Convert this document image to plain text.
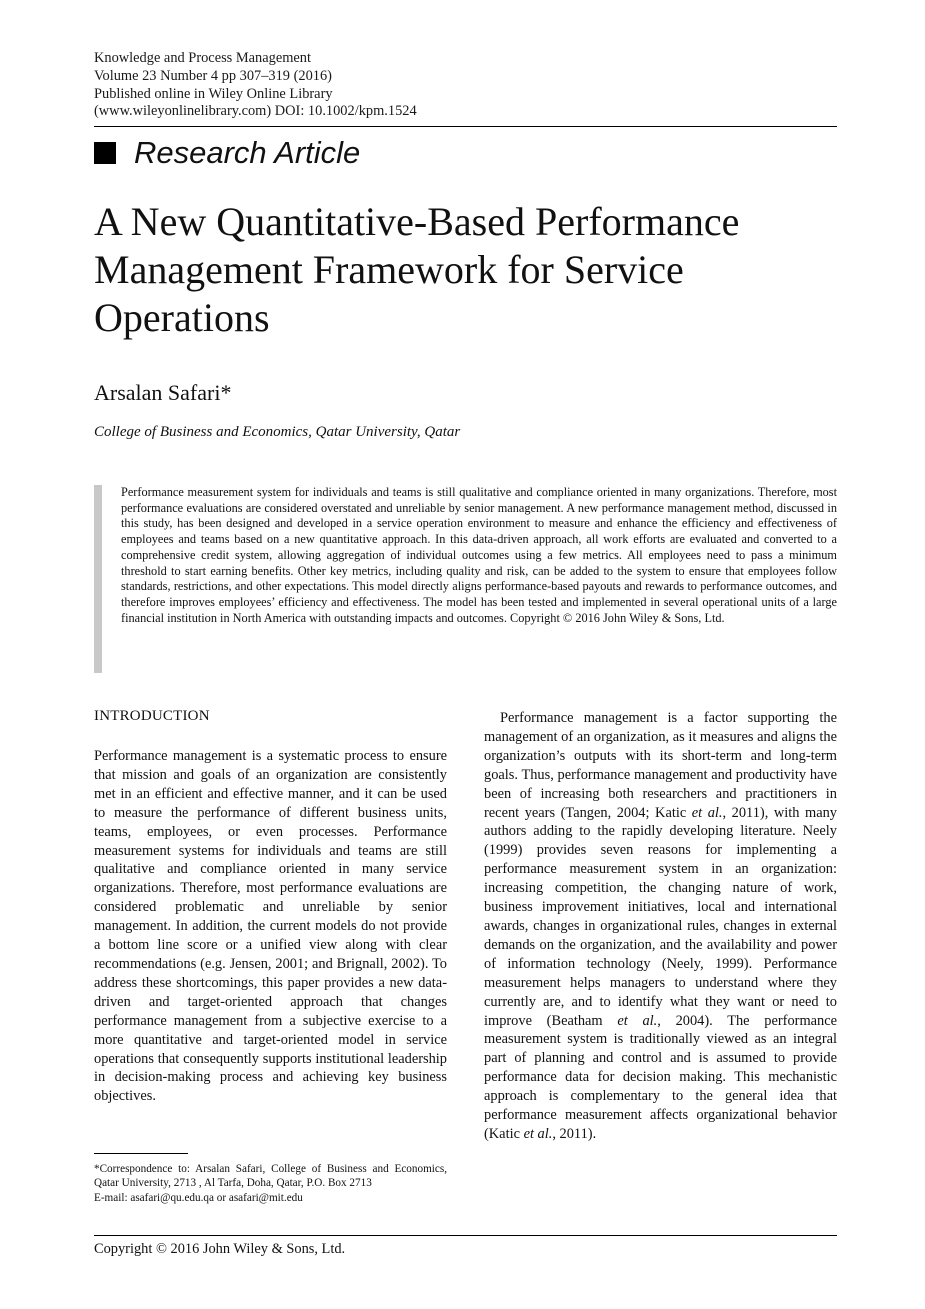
Knowledge and Process Management
Volume 23 Number 4 pp 307–319 (2016)
Published online in Wiley Online Library
(www.wileyonlinelibrary.com) DOI: 10.1002/kpm.1524
Research Article
A New Quantitative-Based Performance Management Framework for Service Operations
Arsalan Safari*
College of Business and Economics, Qatar University, Qatar

Performance measurement system for individuals and teams is still qualitative and compliance oriented in many organizations. Therefore, most performance evaluations are considered overstated and unreliable by senior management. A new performance management method, discussed in this study, has been designed and developed in a service operation environment to measure and enhance the efficiency and effectiveness of employees and teams based on a new quantitative approach. In this data-driven approach, all work efforts are evaluated and converted to a comprehensive credit system, allowing aggregation of individual outcomes using a few metrics. All employees need to pass a minimum threshold to start earning benefits. Other key metrics, including quality and risk, can be added to the system to ensure that employees follow standards, restrictions, and other expectations. This model directly aligns performance-based payouts and rewards to performance outcomes, and therefore improves employees’ efficiency and effectiveness. The model has been tested and implemented in several operational units of a large financial institution in North America with outstanding impacts and outcomes. Copyright © 2016 John Wiley & Sons, Ltd.

INTRODUCTION

Performance management is a systematic process to ensure that mission and goals of an organization are consistently met in an efficient and effective manner, and it can be used to measure the performance of different business units, teams, employees, or even processes. Performance measurement systems for individuals and teams are still qualitative and compliance oriented in many service organizations. Therefore, most performance evaluations are considered problematic and unreliable by senior management. In addition, the current models do not provide a bottom line score or a unified view along with clear recommendations (e.g. Jensen, 2001; and Brignall, 2002). To address these shortcomings, this paper provides a new data-driven and target-oriented approach that changes performance management from a subjective exercise to a more quantitative and target-oriented model in service operations that consequently supports institutional leadership in decision-making process and achieving key business objectives.

Performance management is a factor supporting the management of an organization, as it measures and aligns the organization’s outputs with its short-term and long-term goals. Thus, performance management and productivity have been of increasing both researchers and practitioners in recent years (Tangen, 2004; Katic et al., 2011), with many authors adding to the rapidly developing literature. Neely (1999) provides seven reasons for implementing a performance measurement system in an organization: increasing competition, the changing nature of work, business improvement initiatives, local and international awards, changes in organizational rules, changes in external demands on the organization, and the availability and power of information technology (Neely, 1999). Performance measurement helps managers to understand where they currently are, and to identify what they want or need to improve (Beatham et al., 2004). The performance measurement system is traditionally viewed as an integral part of planning and control and is assumed to provide performance data for decision making. This mechanistic approach is complementary to the general idea that performance measurement affects organizational behavior (Katic et al., 2011).

*Correspondence to: Arsalan Safari, College of Business and Economics, Qatar University, 2713 , Al Tarfa, Doha, Qatar, P.O. Box 2713
E-mail: asafari@qu.edu.qa or asafari@mit.edu

Copyright © 2016 John Wiley & Sons, Ltd.
